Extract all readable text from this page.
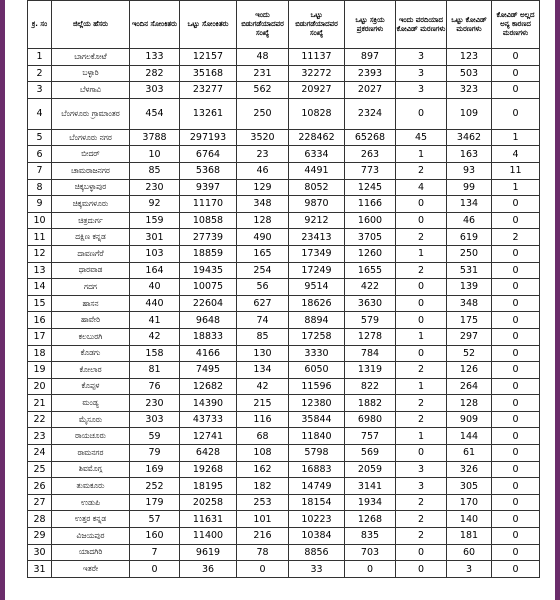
ಕ್ರ. ಸಂ	ಜಿಲ್ಲೆಯ ಹೆಸರು	ಇಂದಿನ ಸೋಂಕಿತರು	ಒಟ್ಟು ಸೋಂಕಿತರು	ಇಂದು ಬಿಡುಗಡೆಯಾದವರ ಸಂಖ್ಯೆ	ಒಟ್ಟು ಬಿಡುಗಡೆಯಾದವರ ಸಂಖ್ಯೆ	ಒಟ್ಟು ಸಕ್ರಿಯ ಪ್ರಕರಣಗಳು	ಇಂದು ವರದಿಯಾದ ಕೋವಿಡ್ ಮರಣಗಳು	ಒಟ್ಟು ಕೋವಿಡ್ ಮರಣಗಳು	ಕೋವಿಡ್ ಅಲ್ಲದ ಅನ್ಯ ಕಾರಣದ ಮರಣಗಳು
1	ಬಾಗಲಕೋಟೆ	133	12157	48	11137	897	3	123	0
2	ಬಳ್ಳಾರಿ	282	35168	231	32272	2393	3	503	0
3	ಬೆಳಗಾವಿ	303	23277	562	20927	2027	3	323	0
4	ಬೆಂಗಳೂರು ಗ್ರಾಮಾಂತರ	454	13261	250	10828	2324	0	109	0
5	ಬೆಂಗಳೂರು ನಗರ	3788	297193	3520	228462	65268	45	3462	1
6	ಬೀದರ್	10	6764	23	6334	263	1	163	4
7	ಚಾಮರಾಜನಗರ	85	5368	46	4491	773	2	93	11
8	ಚಿಕ್ಕಬಳ್ಳಾಪುರ	230	9397	129	8052	1245	4	99	1
9	ಚಿಕ್ಕಮಗಳೂರು	92	11170	348	9870	1166	0	134	0
10	ಚಿತ್ರದುರ್ಗ	159	10858	128	9212	1600	0	46	0
11	ದಕ್ಷಿಣ ಕನ್ನಡ	301	27739	490	23413	3705	2	619	2
12	ದಾವಣಗೆರೆ	103	18859	165	17349	1260	1	250	0
13	ಧಾರವಾಡ	164	19435	254	17249	1655	2	531	0
14	ಗದಗ	40	10075	56	9514	422	0	139	0
15	ಹಾಸನ	440	22604	627	18626	3630	0	348	0
16	ಹಾವೇರಿ	41	9648	74	8894	579	0	175	0
17	ಕಲಬುರಗಿ	42	18833	85	17258	1278	1	297	0
18	ಕೊಡಗು	158	4166	130	3330	784	0	52	0
19	ಕೋಲಾರ	81	7495	134	6050	1319	2	126	0
20	ಕೊಪ್ಪಳ	76	12682	42	11596	822	1	264	0
21	ಮಂಡ್ಯ	230	14390	215	12380	1882	2	128	0
22	ಮೈಸೂರು	303	43733	116	35844	6980	2	909	0
23	ರಾಯಚೂರು	59	12741	68	11840	757	1	144	0
24	ರಾಮನಗರ	79	6428	108	5798	569	0	61	0
25	ಶಿವಮೊಗ್ಗ	169	19268	162	16883	2059	3	326	0
26	ತುಮಕೂರು	252	18195	182	14749	3141	3	305	0
27	ಉಡುಪಿ	179	20258	253	18154	1934	2	170	0
28	ಉತ್ತರ ಕನ್ನಡ	57	11631	101	10223	1268	2	140	0
29	ವಿಜಯಪುರ	160	11400	216	10384	835	2	181	0
30	ಯಾದಗಿರಿ	7	9619	78	8856	703	0	60	0
31	ಇತರೇ	0	36	0	33	0	0	3	0
